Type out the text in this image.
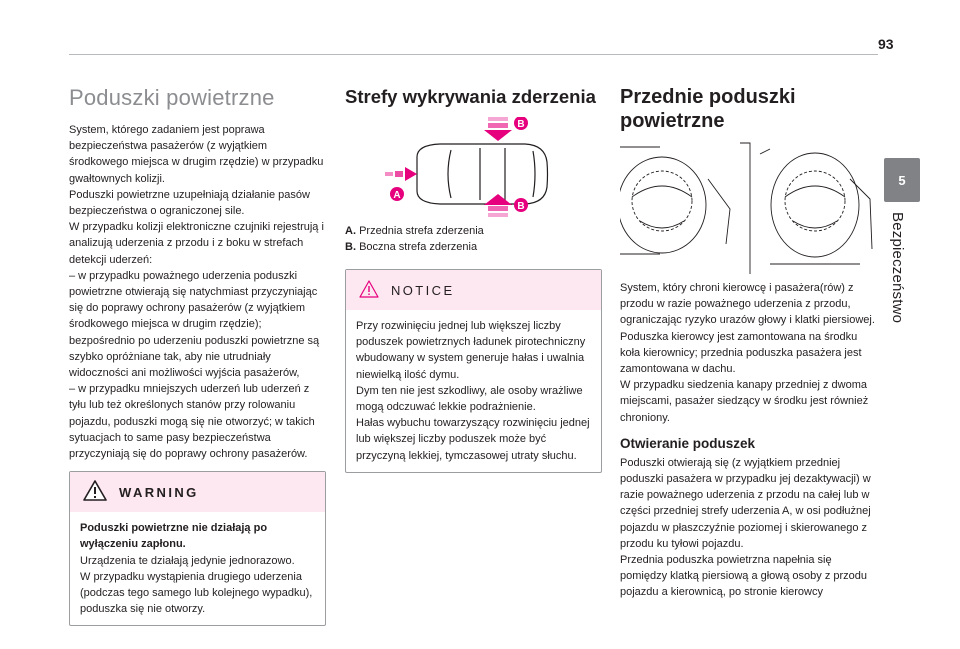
93
5
Bezpieczeństwo
Poduszki powietrzne

System, którego zadaniem jest poprawa bezpieczeństwa pasażerów (z wyjątkiem środkowego miejsca w drugim rzędzie) w przypadku gwałtownych kolizji.
Poduszki powietrzne uzupełniają działanie pasów bezpieczeństwa o ograniczonej sile.
W przypadku kolizji elektroniczne czujniki rejestrują i analizują uderzenia z przodu i z boku w strefach detekcji uderzeń:
– w przypadku poważnego uderzenia poduszki powietrzne otwierają się natychmiast przyczyniając się do poprawy ochrony pasażerów (z wyjątkiem środkowego miejsca w drugim rzędzie); bezpośrednio po uderzeniu poduszki powietrzne są szybko opróżniane tak, aby nie utrudniały widoczności ani możliwości wyjścia pasażerów,
– w przypadku mniejszych uderzeń lub uderzeń z tyłu lub też określonych stanów przy rolowaniu pojazdu, poduszki mogą się nie otworzyć; w takich sytuacjach to same pasy bezpieczeństwa przyczyniają się do poprawy ochrony pasażerów.

WARNING
Poduszki powietrzne nie działają po wyłączeniu zapłonu.
Urządzenia te działają jedynie jednorazowo.
W przypadku wystąpienia drugiego uderzenia (podczas tego samego lub kolejnego wypadku), poduszka się nie otworzy.
Strefy wykrywania zderzenia
A
B
B
A. Przednia strefa zderzenia
B. Boczna strefa zderzenia
NOTICE
Przy rozwinięciu jednej lub większej liczby poduszek powietrznych ładunek pirotechniczny wbudowany w system generuje hałas i uwalnia niewielką ilość dymu.
Dym ten nie jest szkodliwy, ale osoby wrażliwe mogą odczuwać lekkie podrażnienie.
Hałas wybuchu towarzyszący rozwinięciu jednej lub większej liczby poduszek może być przyczyną lekkiej, tymczasowej utraty słuchu.
Przednie poduszki powietrzne

System, który chroni kierowcę i pasażera(rów) z przodu w razie poważnego uderzenia z przodu, ograniczając ryzyko urazów głowy i klatki piersiowej.
Poduszka kierowcy jest zamontowana na środku koła kierownicy; przednia poduszka pasażera jest zamontowana w dachu.
W przypadku siedzenia kanapy przedniej z dwoma miejscami, pasażer siedzący w środku jest również chroniony.

Otwieranie poduszek

Poduszki otwierają się (z wyjątkiem przedniej poduszki pasażera w przypadku jej dezaktywacji) w razie poważnego uderzenia z przodu na całej lub w części przedniej strefy uderzenia A, w osi podłużnej pojazdu w płaszczyźnie poziomej i skierowanego z przodu ku tyłowi pojazdu.
Przednia poduszka powietrzna napełnia się pomiędzy klatką piersiową a głową osoby z przodu pojazdu a kierownicą, po stronie kierowcy
